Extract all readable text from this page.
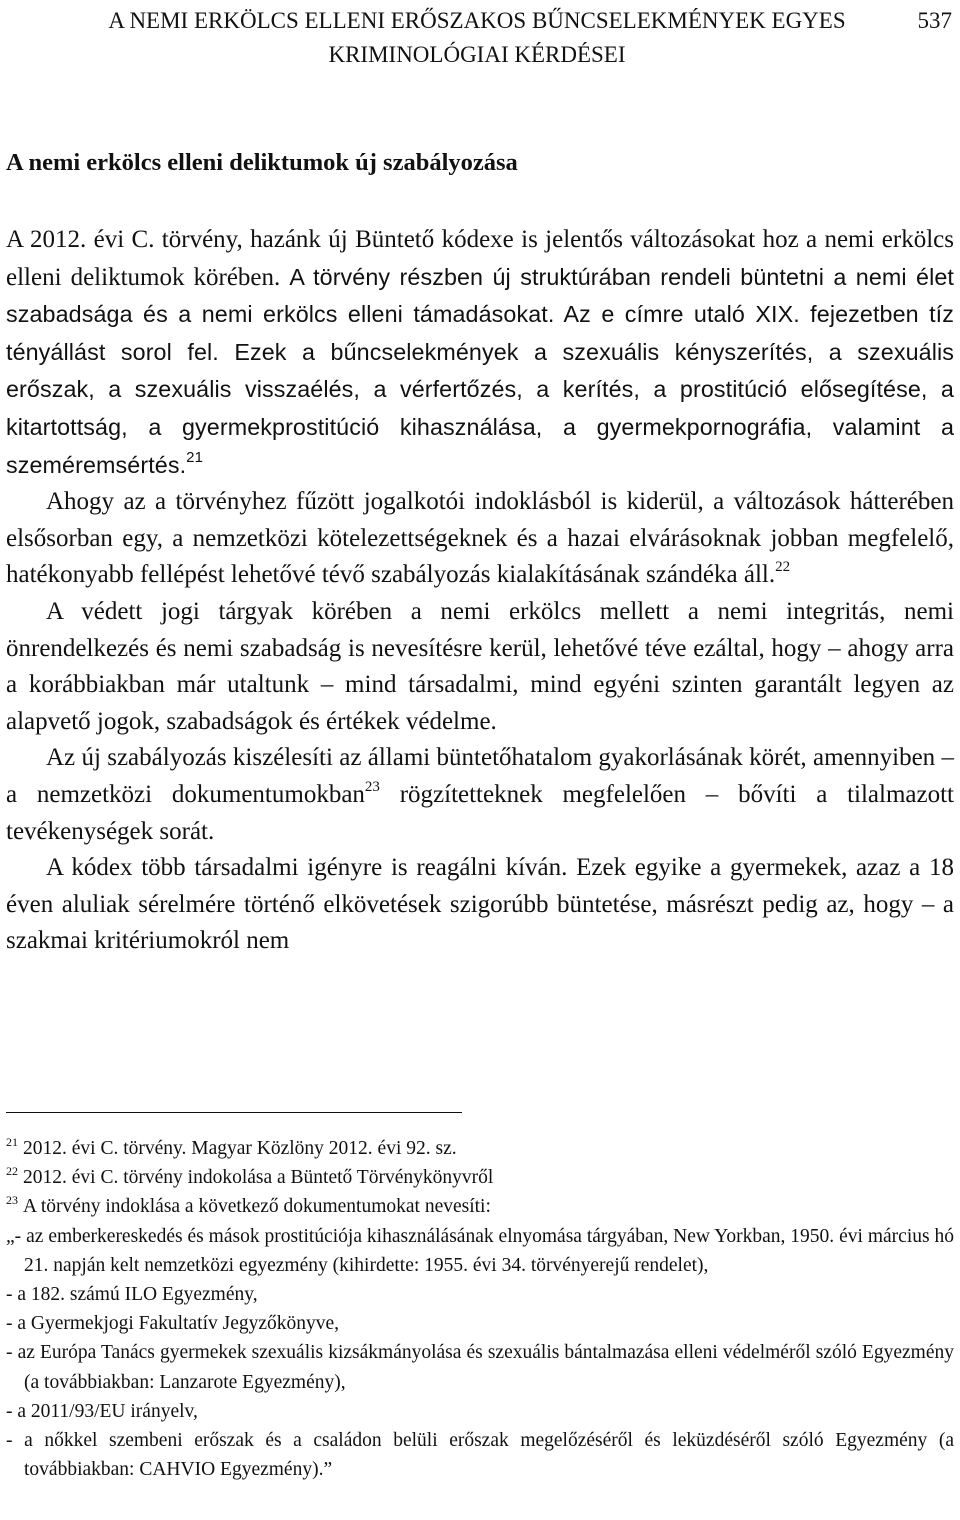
A NEMI ERKÖLCS ELLENI ERŐSZAKOS BŰNCSELEKMÉNYEK EGYES KRIMINOLÓGIAI KÉRDÉSEI
537
A nemi erkölcs elleni deliktumok új szabályozása

A 2012. évi C. törvény, hazánk új Büntető kódexe is jelentős változásokat hoz a nemi erkölcs elleni deliktumok körében. A törvény részben új struktúrában rendeli büntetni a nemi élet szabadsága és a nemi erkölcs elleni támadásokat. Az e címre utaló XIX. fejezetben tíz tényállást sorol fel. Ezek a bűncselekmények a szexuális kényszerítés, a szexuális erőszak, a szexuális visszaélés, a vérfertőzés, a kerítés, a prostitúció elősegítése, a kitartottság, a gyermekprostitúció kihasználása, a gyermekpornográfia, valamint a szeméremsértés.$^{21}$

Ahogy az a törvényhez fűzött jogalkotói indoklásból is kiderül, a változások hátterében elsősorban egy, a nemzetközi kötelezettségeknek és a hazai elvárásoknak jobban megfelelő, hatékonyabb fellépést lehetővé tévő szabályozás kialakításának szándéka áll.$^{22}$

A védett jogi tárgyak körében a nemi erkölcs mellett a nemi integritás, nemi önrendelkezés és nemi szabadság is nevesítésre kerül, lehetővé téve ezáltal, hogy – ahogy arra a korábbiakban már utaltunk – mind társadalmi, mind egyéni szinten garantált legyen az alapvető jogok, szabadságok és értékek védelme.

Az új szabályozás kiszélesíti az állami büntetőhatalom gyakorlásának körét, amennyiben – a nemzetközi dokumentumokban$^{23}$ rögzítetteknek megfelelően – bővíti a tilalmazott tevékenységek sorát.

A kódex több társadalmi igényre is reagálni kíván. Ezek egyike a gyermekek, azaz a 18 éven aluliak sérelmére történő elkövetések szigorúbb büntetése, másrészt pedig az, hogy – a szakmai kritériumokról nem

$^{21}$ 2012. évi C. törvény. Magyar Közlöny 2012. évi 92. sz.

$^{22}$ 2012. évi C. törvény indokolása a Büntető Törvénykönyvről

$^{23}$ A törvény indoklása a következő dokumentumokat nevesíti:

„- az emberkereskedés és mások prostitúciója kihasználásának elnyomása tárgyában, New Yorkban, 1950. évi március hó 21. napján kelt nemzetközi egyezmény (kihirdette: 1955. évi 34. törvényerejű rendelet),
- a 182. számú ILO Egyezmény,
- a Gyermekjogi Fakultatív Jegyzőkönyve,
- az Európa Tanács gyermekek szexuális kizsákmányolása és szexuális bántalmazása elleni védelméről szóló Egyezmény (a továbbiakban: Lanzarote Egyezmény),
- a 2011/93/EU irányelv,
- a nőkkel szembeni erőszak és a családon belüli erőszak megelőzéséről és leküzdéséről szóló Egyezmény (a továbbiakban: CAHVIO Egyezmény).”
